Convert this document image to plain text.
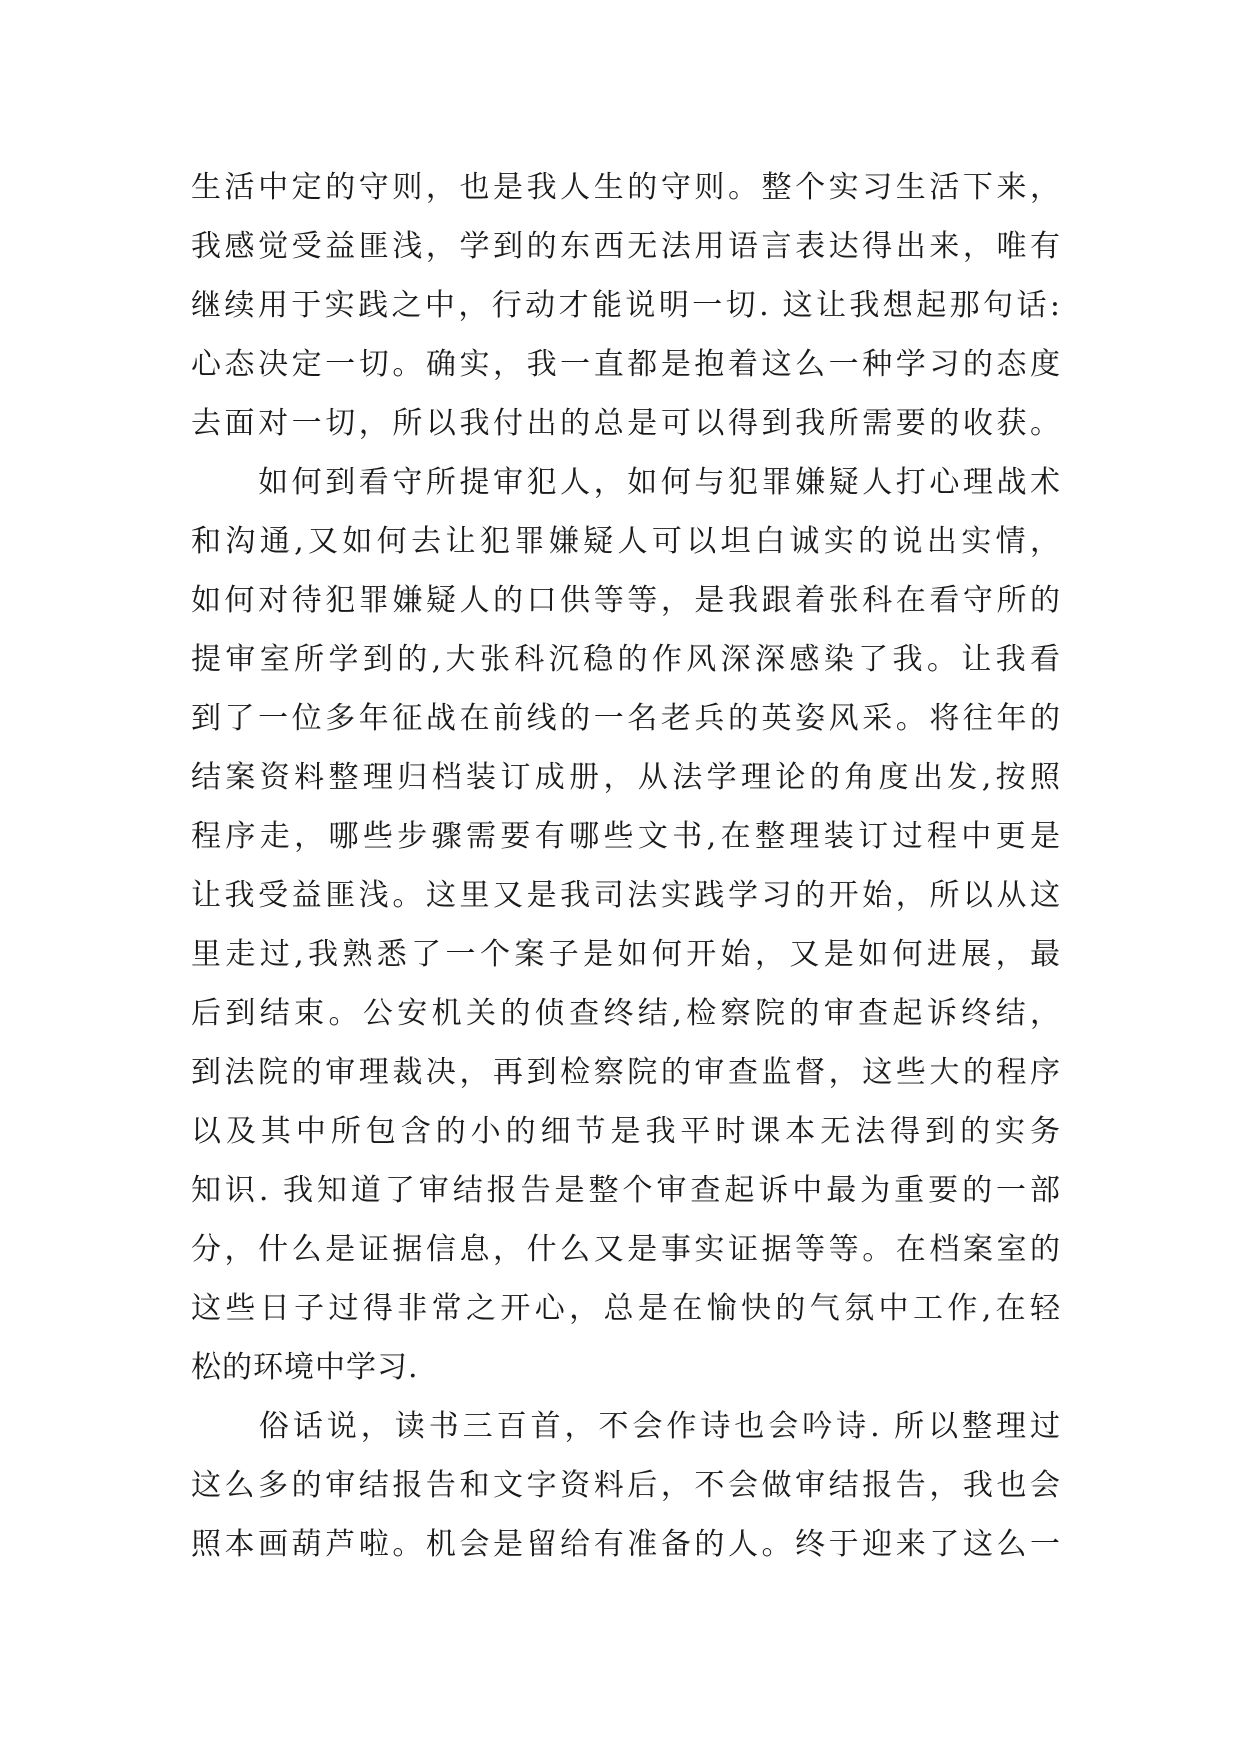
生活中定的守则，也是我人生的守则。整个实习生活下来，
我感觉受益匪浅，学到的东西无法用语言表达得出来，唯有
继续用于实践之中，行动才能说明一切. 这让我想起那句话:
心态决定一切。确实，我一直都是抱着这么一种学习的态度
去面对一切，所以我付出的总是可以得到我所需要的收获。
　　如何到看守所提审犯人，如何与犯罪嫌疑人打心理战术
和沟通,又如何去让犯罪嫌疑人可以坦白诚实的说出实情，
如何对待犯罪嫌疑人的口供等等，是我跟着张科在看守所的
提审室所学到的,大张科沉稳的作风深深感染了我。让我看
到了一位多年征战在前线的一名老兵的英姿风采。将往年的
结案资料整理归档装订成册，从法学理论的角度出发,按照
程序走，哪些步骤需要有哪些文书,在整理装订过程中更是
让我受益匪浅。这里又是我司法实践学习的开始，所以从这
里走过,我熟悉了一个案子是如何开始，又是如何进展，最
后到结束。公安机关的侦查终结,检察院的审查起诉终结，
到法院的审理裁决，再到检察院的审查监督，这些大的程序
以及其中所包含的小的细节是我平时课本无法得到的实务
知识. 我知道了审结报告是整个审查起诉中最为重要的一部
分，什么是证据信息，什么又是事实证据等等。在档案室的
这些日子过得非常之开心，总是在愉快的气氛中工作,在轻
松的环境中学习.
　　俗话说，读书三百首，不会作诗也会吟诗. 所以整理过
这么多的审结报告和文字资料后，不会做审结报告，我也会
照本画葫芦啦。机会是留给有准备的人。终于迎来了这么一
